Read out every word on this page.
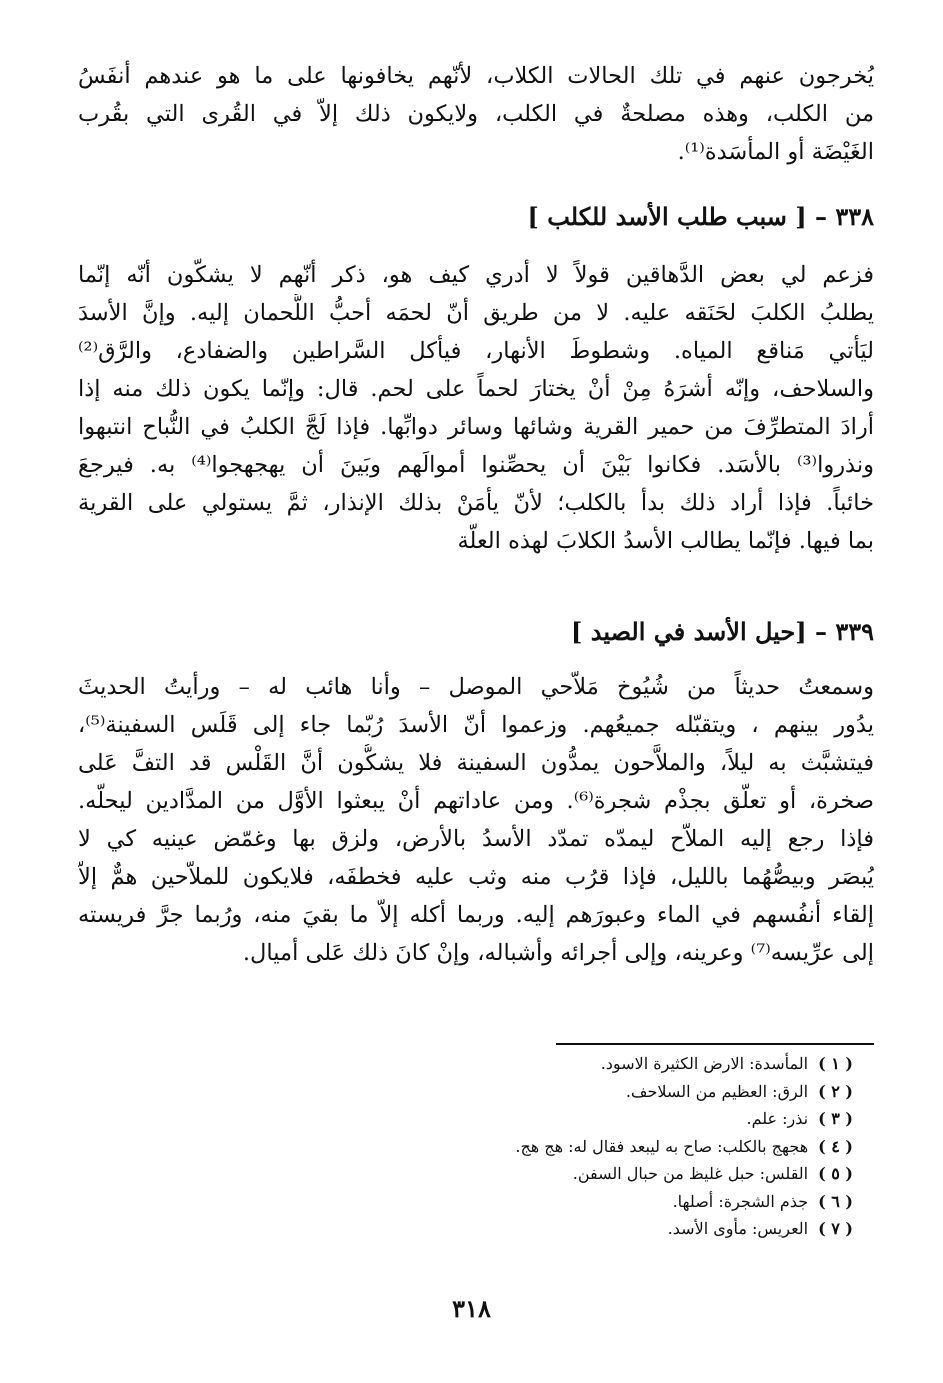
يُخرجون عنهم في تلك الحالات الكلاب، لأنّهم يخافونها على ما هو عندهم أنفَسُ
من الكلب، وهذه مصلحةٌ في الكلب، ولايكون ذلك إلاّ في القُرى التي بقُرب
الغَيْضَة أو المأسَدة⁽¹⁾.
٣٣٨ – [ سبب طلب الأسد للكلب ]
فزعم لي بعض الدَّهاقين قولاً لا أدري كيف هو، ذكر أنّهم لا يشكّون أنّه إنّما
يطلبُ الكلبَ لحَنَقه عليه. لا من طريق أنّ لحمَه أحبُّ اللُّحمان إليه. وإنَّ الأسدَ
ليَأتي مَناقع المياه. وشطوطَ الأنهار، فيأكل السَّراطين والضفادع، والرَّق⁽²⁾
والسلاحف، وإنّه أشرَهُ مِنْ أنْ يختارَ لحماً على لحم. قال: وإنّما يكون ذلك منه إذا
أرادَ المتطرِّفَ من حمير القرية وشائها وسائر دوابِّها. فإذا لَجَّ الكلبُ في النُّباح انتبهوا
ونذروا⁽³⁾ بالأسَد. فكانوا بَيْنَ أن يحصِّنوا أموالَهم وبَينَ أن يهجهجوا⁽⁴⁾ به. فيرجعَ
خائباً. فإذا أراد ذلك بدأ بالكلب؛ لأنّ يأمَنْ بذلك الإنذار، ثمَّ يستولي على القرية
بما فيها. فإنّما يطالب الأسدُ الكلابَ لهذه العلّة
٣٣٩ – [حيل الأسد في الصيد ]
وسمعتُ حديثاً من شُيُوخ مَلاّحي الموصل – وأنا هائب له – ورأيتُ الحديثَ
يدُور بينهم ، ويتقبّله جميعُهم. وزعموا أنّ الأسدَ رُبّما جاء إلى قَلَس السفينة⁽⁵⁾،
فيتشبَّث به ليلاً، والملاَّحون يمدُّون السفينة فلا يشكُّون أنَّ القَلْس قد التفَّ عَلى
صخرة، أو تعلّق بجذْم شجرة⁽⁶⁾. ومن عاداتهم أنْ يبعثوا الأوَّل من المدَّادين ليحلّه.
فإذا رجع إليه الملاّح ليمدّه تمدّد الأسدُ بالأرض، ولزق بها وغمّض عينيه كي لا
يُبصَر وبيصُّهُما بالليل، فإذا قرُب منه وثب عليه فخطفَه، فلايكون للملاّحين همٌّ إلاّ
إلقاء أنفُسهم في الماء وعبورَهم إليه. وربما أكله إلاّ ما بقيَ منه، ورُبما جرَّ فريسته
إلى عرِّيسه⁽⁷⁾ وعرينه، وإلى أجرائه وأشباله، وإنْ كانَ ذلك عَلى أميال.
( ١ )المأسدة: الارض الكثيرة الاسود.
( ٢ )الرق: العظيم من السلاحف.
( ٣ )نذر: علم.
( ٤ )هجهج بالكلب: صاح به ليبعد فقال له: هج هج.
( ٥ )القلس: حبل غليظ من حبال السفن.
( ٦ )جذم الشجرة: أصلها.
( ٧ )العريس: مأوى الأسد.
٣١٨
